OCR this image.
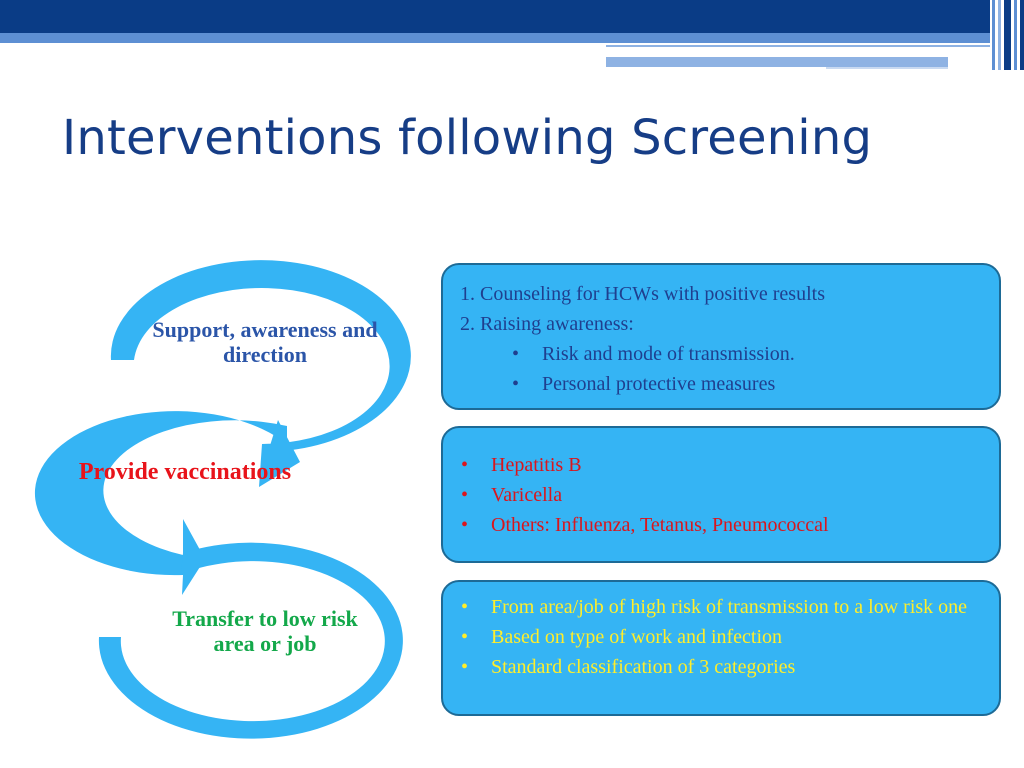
Interventions following Screening
Support, awareness and direction
Provide vaccinations
Transfer to low risk area or job
1. Counseling for HCWs with positive results
2. Raising awareness:
• Risk and mode of transmission.
• Personal protective measures
• Hepatitis B
• Varicella
• Others: Influenza, Tetanus, Pneumococcal
• From area/job of high risk of transmission to a low risk one
• Based on type of work and infection
• Standard classification of 3 categories
